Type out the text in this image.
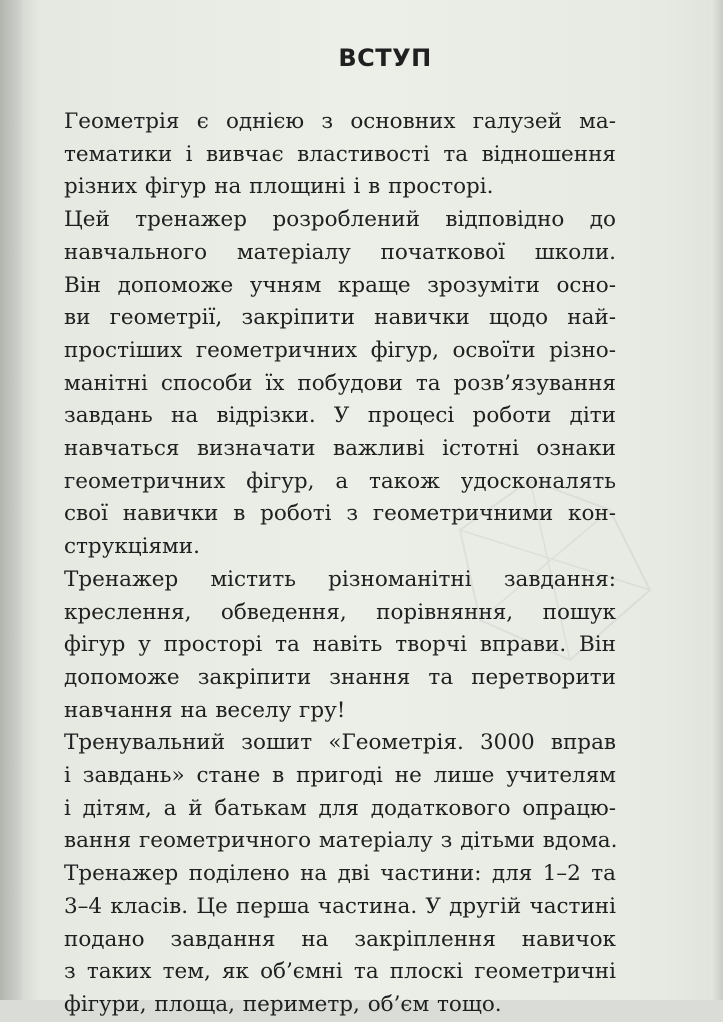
ВСТУП
Геометрія є однією з основних галузей ма-
тематики і вивчає властивості та відношення
різних фігур на площині і в просторі.
Цей тренажер розроблений відповідно до
навчального матеріалу початкової школи.
Він допоможе учням краще зрозуміти осно-
ви геометрії, закріпити навички щодо най-
простіших геометричних фігур, освоїти різно-
манітні способи їх побудови та розв’язування
завдань на відрізки. У процесі роботи діти
навчаться визначати важливі істотні ознаки
геометричних фігур, а також удосконалять
свої навички в роботі з геометричними кон-
струкціями.
Тренажер містить різноманітні завдання:
креслення, обведення, порівняння, пошук
фігур у просторі та навіть творчі вправи. Він
допоможе закріпити знання та перетворити
навчання на веселу гру!
Тренувальний зошит «Геометрія. 3000 вправ
і завдань» стане в пригоді не лише учителям
і дітям, а й батькам для додаткового опрацю-
вання геометричного матеріалу з дітьми вдома.
Тренажер поділено на дві частини: для 1–2 та
3–4 класів. Це перша частина. У другій частині
подано завдання на закріплення навичок
з таких тем, як об’ємні та плоскі геометричні
фігури, площа, периметр, об’єм тощо.
